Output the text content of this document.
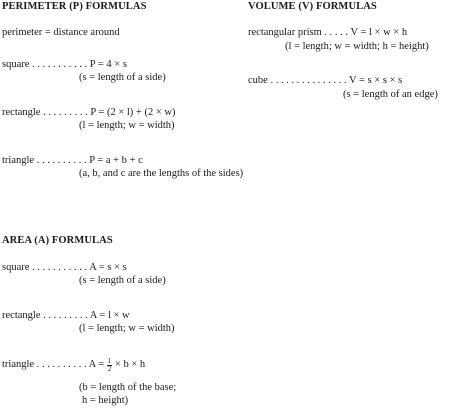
PERIMETER (P) FORMULAS
perimeter = distance around
square . . . . . . . . . . . P = 4 × s
(s = length of a side)
rectangle . . . . . . . . . P = (2 × l) + (2 × w)
(l = length; w = width)
triangle . . . . . . . . . . P = a + b + c
(a, b, and c are the lengths of the sides)
VOLUME (V) FORMULAS
rectangular prism . . . . . V = l × w × h
(l = length; w = width; h = height)
cube . . . . . . . . . . . . . . . V = s × s × s
(s = length of an edge)
AREA (A) FORMULAS
square . . . . . . . . . . . A = s × s
(s = length of a side)
rectangle . . . . . . . . . A = l × w
(l = length; w = width)
triangle . . . . . . . . . . $A = \frac{1}{2} \times b \times h$
(b = length of the base;
h = height)
